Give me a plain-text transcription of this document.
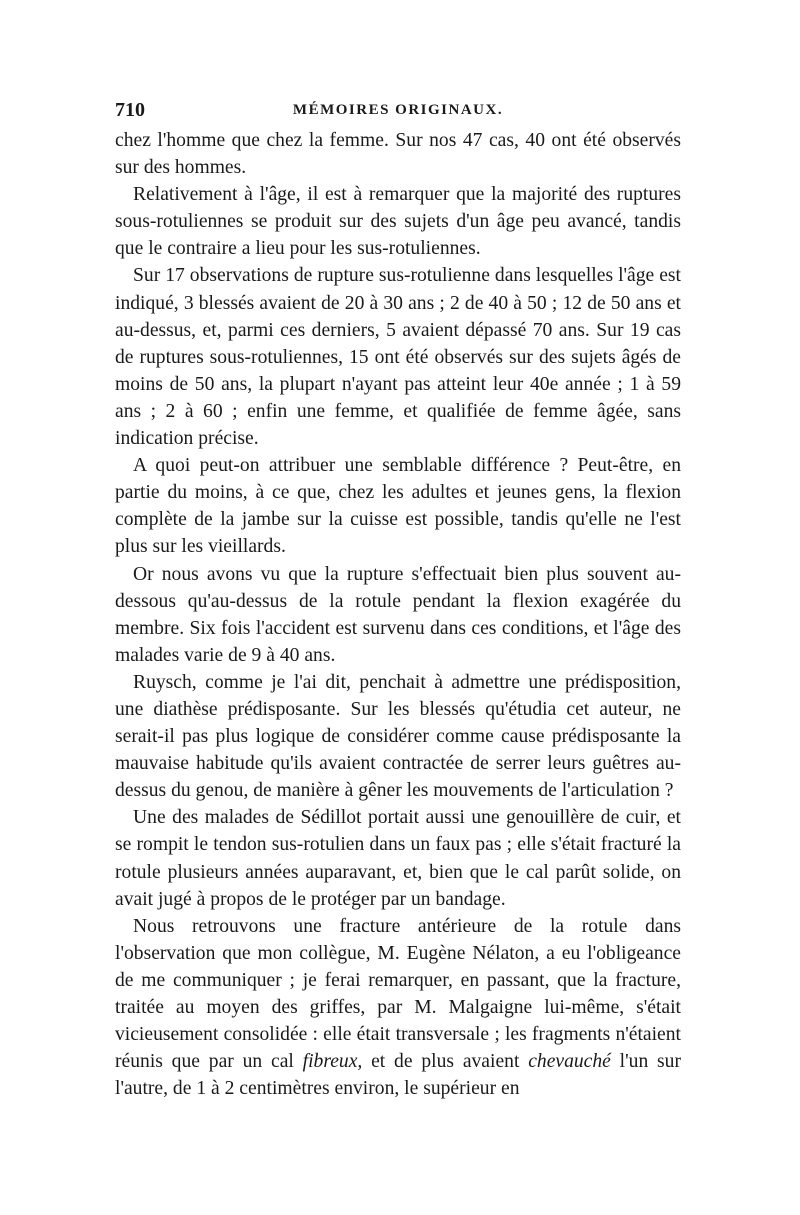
710	MÉMOIRES ORIGINAUX.

chez l'homme que chez la femme. Sur nos 47 cas, 40 ont été observés sur des hommes.

Relativement à l'âge, il est à remarquer que la majorité des ruptures sous-rotuliennes se produit sur des sujets d'un âge peu avancé, tandis que le contraire a lieu pour les sus-rotuliennes.

Sur 17 observations de rupture sus-rotulienne dans lesquelles l'âge est indiqué, 3 blessés avaient de 20 à 30 ans ; 2 de 40 à 50 ; 12 de 50 ans et au-dessus, et, parmi ces derniers, 5 avaient dépassé 70 ans. Sur 19 cas de ruptures sous-rotuliennes, 15 ont été observés sur des sujets âgés de moins de 50 ans, la plupart n'ayant pas atteint leur 40e année ; 1 à 59 ans ; 2 à 60 ; enfin une femme, et qualifiée de femme âgée, sans indication précise.

A quoi peut-on attribuer une semblable différence ? Peut-être, en partie du moins, à ce que, chez les adultes et jeunes gens, la flexion complète de la jambe sur la cuisse est possible, tandis qu'elle ne l'est plus sur les vieillards.

Or nous avons vu que la rupture s'effectuait bien plus souvent au-dessous qu'au-dessus de la rotule pendant la flexion exagérée du membre. Six fois l'accident est survenu dans ces conditions, et l'âge des malades varie de 9 à 40 ans.

Ruysch, comme je l'ai dit, penchait à admettre une prédisposition, une diathèse prédisposante. Sur les blessés qu'étudia cet auteur, ne serait-il pas plus logique de considérer comme cause prédisposante la mauvaise habitude qu'ils avaient contractée de serrer leurs guêtres au-dessus du genou, de manière à gêner les mouvements de l'articulation ?

Une des malades de Sédillot portait aussi une genouillère de cuir, et se rompit le tendon sus-rotulien dans un faux pas ; elle s'était fracturé la rotule plusieurs années auparavant, et, bien que le cal parût solide, on avait jugé à propos de le protéger par un bandage.

Nous retrouvons une fracture antérieure de la rotule dans l'observation que mon collègue, M. Eugène Nélaton, a eu l'obligeance de me communiquer ; je ferai remarquer, en passant, que la fracture, traitée au moyen des griffes, par M. Malgaigne lui-même, s'était vicieusement consolidée : elle était transversale ; les fragments n'étaient réunis que par un cal fibreux, et de plus avaient chevauché l'un sur l'autre, de 1 à 2 centimètres environ, le supérieur en
